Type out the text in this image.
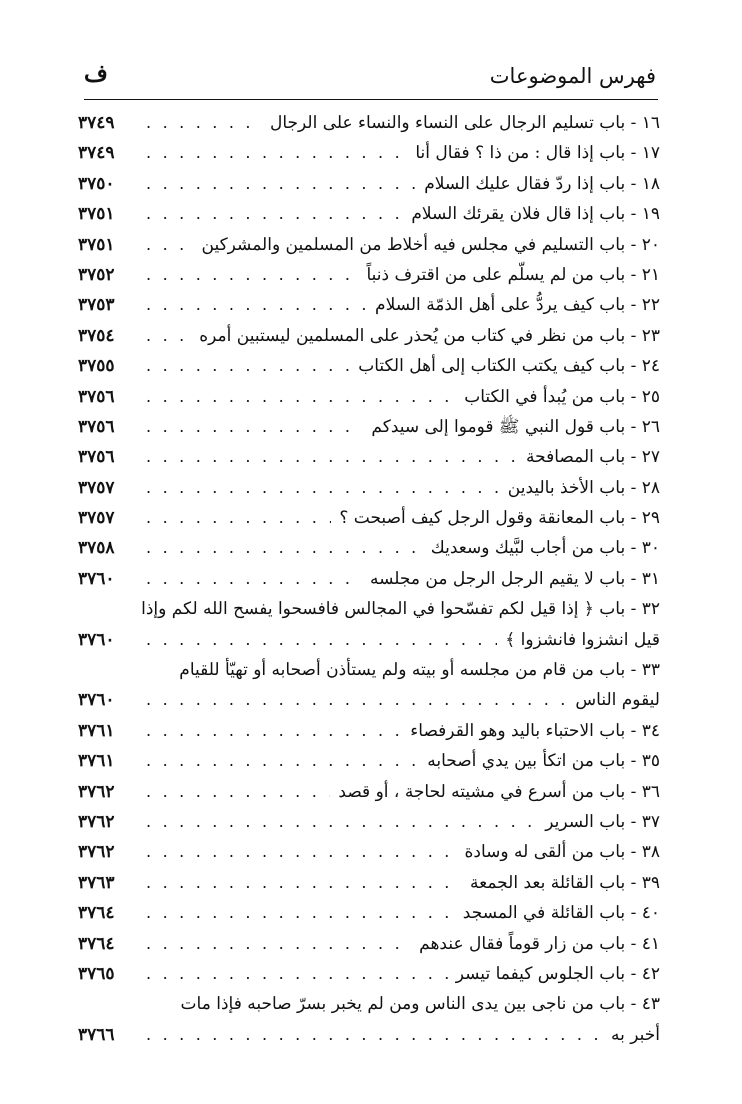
فهرس الموضوعات
ف
١٦ - باب تسليم الرجال على النساء والنساء على الرجال
. . .
٣٧٤٩
١٧ - باب إذا قال : من ذا ؟ فقال أنا
. . .
٣٧٤٩
١٨ - باب إذا ردّ فقال عليك السلام
. . .
٣٧٥٠
١٩ - باب إذا قال فلان يقرئك السلام
. . .
٣٧٥١
٢٠ - باب التسليم في مجلس فيه أخلاط من المسلمين والمشركين
. . .
٣٧٥١
٢١ - باب من لم يسلّم على من اقترف ذنباً
. . .
٣٧٥٢
٢٢ - باب كيف يردُّ على أهل الذمّة السلام
. . .
٣٧٥٣
٢٣ - باب من نظر في كتاب من يُحذر على المسلمين ليستبين أمره
. . .
٣٧٥٤
٢٤ - باب كيف يكتب الكتاب إلى أهل الكتاب
. . .
٣٧٥٥
٢٥ - باب من يُبدأ في الكتاب
. . .
٣٧٥٦
٢٦ - باب قول النبي ﷺ قوموا إلى سيدكم
. . .
٣٧٥٦
٢٧ - باب المصافحة
. . .
٣٧٥٦
٢٨ - باب الأخذ باليدين
. . .
٣٧٥٧
٢٩ - باب المعانقة وقول الرجل كيف أصبحت ؟
. . .
٣٧٥٧
٣٠ - باب من أجاب لبَّيك وسعديك
. . .
٣٧٥٨
٣١ - باب لا يقيم الرجل الرجل من مجلسه
. . .
٣٧٦٠
٣٢ - باب ﴿ إذا قيل لكم تفسّحوا في المجالس فافسحوا يفسح الله لكم وإذا
قيل انشزوا فانشزوا ﴾
. . .
٣٧٦٠
٣٣ - باب من قام من مجلسه أو بيته ولم يستأذن أصحابه أو تهيّأ للقيام
ليقوم الناس
. . .
٣٧٦٠
٣٤ - باب الاحتباء باليد وهو القرفصاء
. . .
٣٧٦١
٣٥ - باب من اتكأ بين يدي أصحابه
. . .
٣٧٦١
٣٦ - باب من أسرع في مشيته لحاجة ، أو قصد
. . .
٣٧٦٢
٣٧ - باب السرير
. . .
٣٧٦٢
٣٨ - باب من ألقى له وسادة
. . .
٣٧٦٢
٣٩ - باب القائلة بعد الجمعة
. . .
٣٧٦٣
٤٠ - باب القائلة في المسجد
. . .
٣٧٦٤
٤١ - باب من زار قوماً فقال عندهم
. . .
٣٧٦٤
٤٢ - باب الجلوس كيفما تيسر
. . .
٣٧٦٥
٤٣ - باب من ناجى بين يدى الناس ومن لم يخبر بسرّ صاحبه فإذا مات
أخبر به
. . .
٣٧٦٦
